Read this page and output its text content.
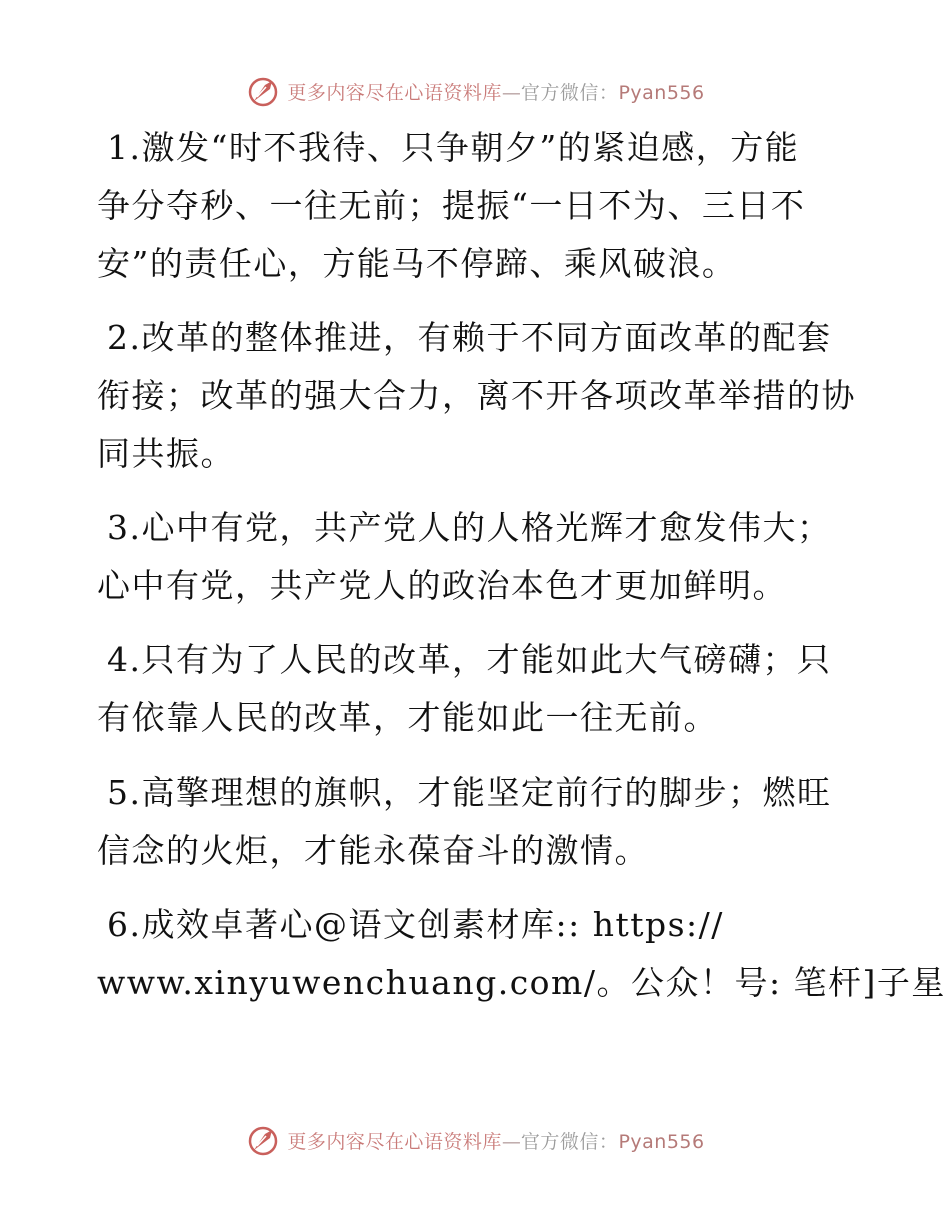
更多内容尽在心语资料库—官方微信：Pyan556
1.激发“时不我待、只争朝夕”的紧迫感，方能
争分夺秒、一往无前；提振“一日不为、三日不
安”的责任心，方能马不停蹄、乘风破浪。
2.改革的整体推进，有赖于不同方面改革的配套
衔接；改革的强大合力，离不开各项改革举措的协
同共振。
3.心中有党，共产党人的人格光辉才愈发伟大；
心中有党，共产党人的政治本色才更加鲜明。
4.只有为了人民的改革，才能如此大气磅礴；只
有依靠人民的改革，才能如此一往无前。
5.高擎理想的旗帜，才能坚定前行的脚步；燃旺
信念的火炬，才能永葆奋斗的激情。
6.成效卓著心@语文创素材库:: https://
www.xinyuwenchuang.com/。公众！号: 笔杆]子星
更多内容尽在心语资料库—官方微信：Pyan556
